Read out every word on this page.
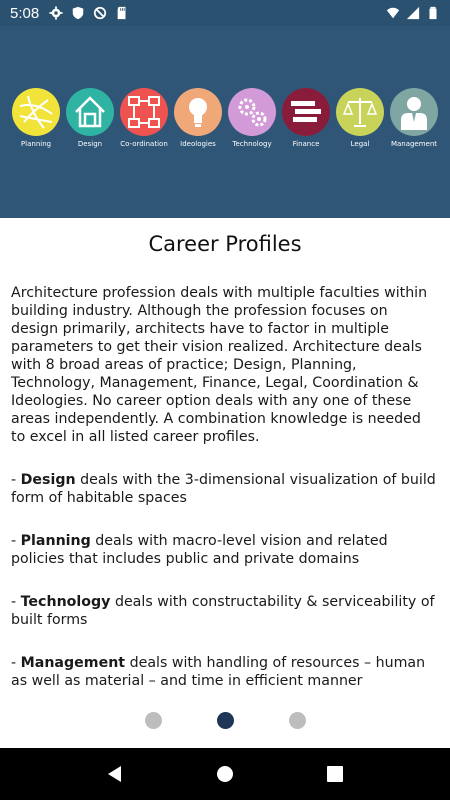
5:08
Planning	Design	Co-ordination Ideologies Technology	Finance	Legal	Management
Career Profiles

Architecture profession deals with multiple faculties within building industry. Although the profession focuses on design primarily, architects have to factor in multiple parameters to get their vision realized. Architecture deals with 8 broad areas of practice; Design, Planning, Technology, Management, Finance, Legal, Coordination & Ideologies. No career option deals with any one of these areas independently. A combination knowledge is needed to excel in all listed career profiles.

- Design deals with the 3-dimensional visualization of build form of habitable spaces

- Planning deals with macro-level vision and related policies that includes public and private domains

- Technology deals with constructability & serviceability of built forms

- Management deals with handling of resources – human as well as material – and time in efficient manner
